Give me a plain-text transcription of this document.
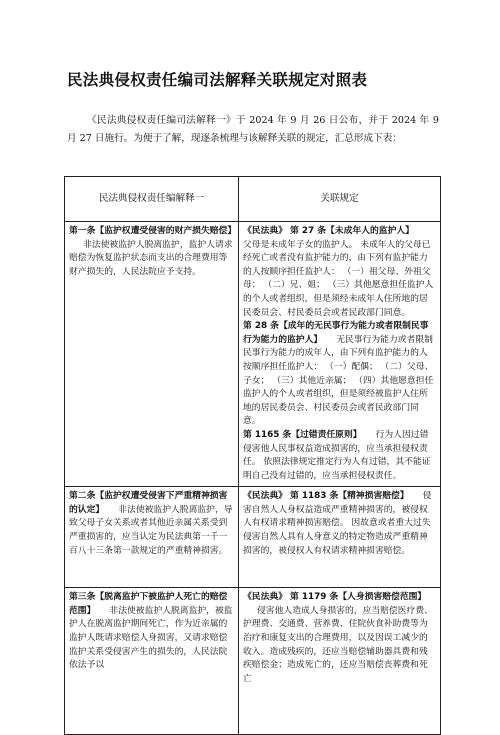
民法典侵权责任编司法解释关联规定对照表
《民法典侵权责任编司法解释一》于 2024 年 9 月 26 日公布，并于 2024 年 9 月 27 日施行。为便于了解，现逐条梳理与该解释关联的规定，汇总形成下表：
民法典侵权责任编解释一	关联规定

第一条【监护权遭受侵害的财产损失赔偿】非法使被监护人脱离监护，监护人请求赔偿为恢复监护状态而支出的合理费用等财产损失的，人民法院应予支持。	《民法典》 第 27 条【未成年人的监护人】父母是未成年子女的监护人。 未成年人的父母已经死亡或者没有监护能力的，由下列有监护能力的人按顺序担任监护人： （一）祖父母、外祖父母； （二）兄、姐； （三）其他愿意担任监护人的个人或者组织，但是须经未成年人住所地的居民委员会、村民委员会或者民政部门同意。

第 28 条【成年的无民事行为能力或者限制民事行为能力的监护人】 无民事行为能力或者限制民事行为能力的成年人，由下列有监护能力的人按顺序担任监护人： （一）配偶； （二）父母、子女； （三）其他近亲属； （四）其他愿意担任监护人的个人或者组织，但是须经被监护人住所地的居民委员会、村民委员会或者民政部门同意。

第 1165 条【过错责任原则】 行为人因过错侵害他人民事权益造成损害的，应当承担侵权责任。 依照法律规定推定行为人有过错，其不能证明自己没有过错的，应当承担侵权责任。

第二条【监护权遭受侵害下严重精神损害的认定】 非法使被监护人脱离监护，导致父母子女关系或者其他近亲属关系受到严重损害的，应当认定为民法典第一千一百八十三条第一款规定的严重精神损害。	《民法典》 第 1183 条【精神损害赔偿】 侵害自然人人身权益造成严重精神损害的，被侵权人有权请求精神损害赔偿。 因故意或者重大过失侵害自然人具有人身意义的特定物造成严重精神损害的，被侵权人有权请求精神损害赔偿。

第三条【脱离监护下被监护人死亡的赔偿范围】 非法使被监护人脱离监护，被监护人在脱离监护期间死亡，作为近亲属的监护人既请求赔偿人身损害，又请求赔偿监护关系受侵害产生的损失的，人民法院依法予以	《民法典》 第 1179 条【人身损害赔偿范围】侵害他人造成人身损害的，应当赔偿医疗费、护理费、交通费、营养费、住院伙食补助费等为治疗和康复支出的合理费用，以及因误工减少的收入。造成残疾的，还应当赔偿辅助器具费和残疾赔偿金；造成死亡的，还应当赔偿丧葬费和死亡
